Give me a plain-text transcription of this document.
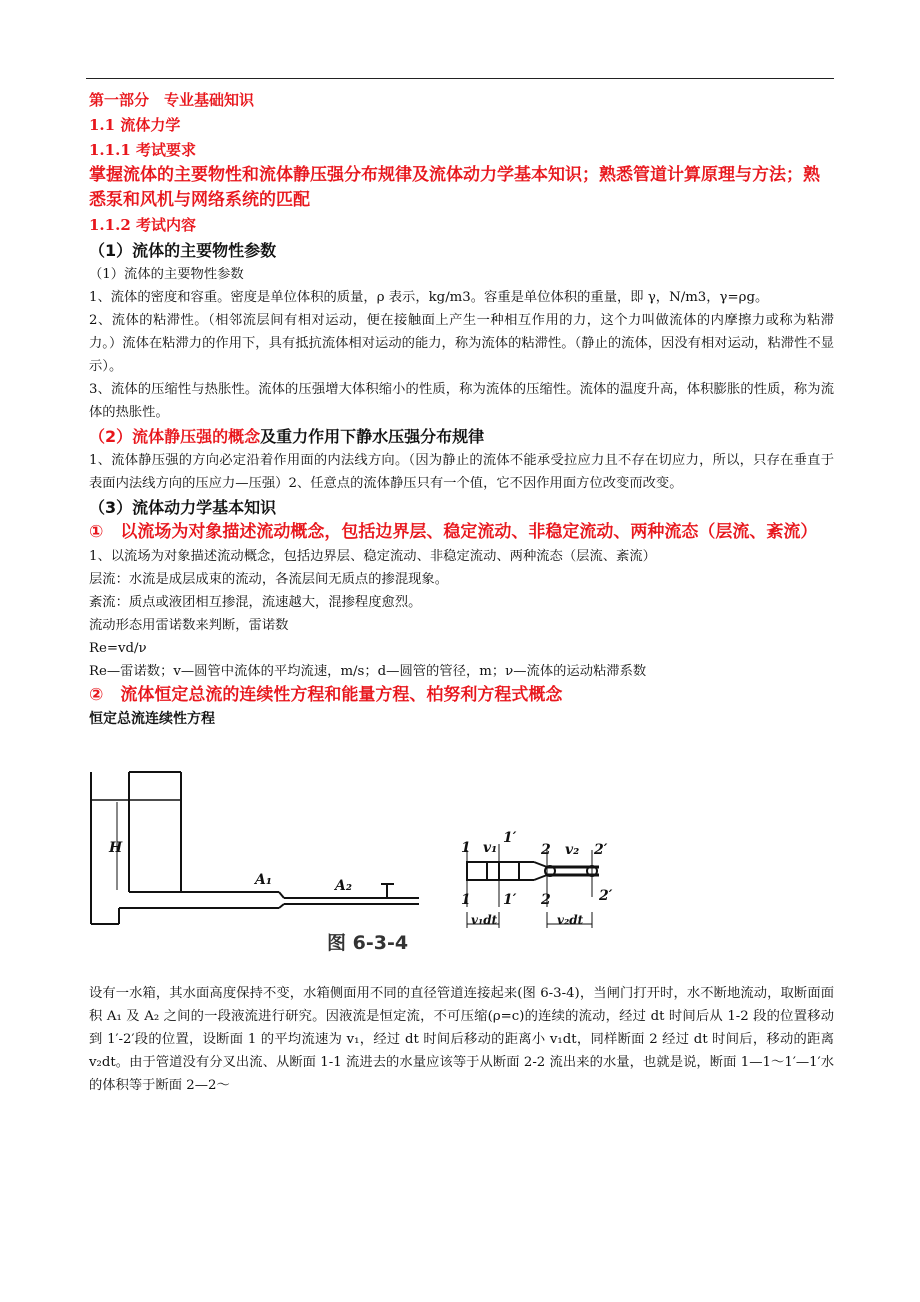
第一部分　专业基础知识
1.1 流体力学
1.1.1 考试要求
掌握流体的主要物性和流体静压强分布规律及流体动力学基本知识；熟悉管道计算原理与方法；熟悉泵和风机与网络系统的匹配
1.1.2 考试内容
（1）流体的主要物性参数

（1）流体的主要物性参数

1、流体的密度和容重。密度是单位体积的质量，ρ 表示，kg/m3。容重是单位体积的重量，即 γ，N/m3，γ=ρg。

2、流体的粘滞性。（相邻流层间有相对运动，便在接触面上产生一种相互作用的力，这个力叫做流体的内摩擦力或称为粘滞力。）流体在粘滞力的作用下，具有抵抗流体相对运动的能力，称为流体的粘滞性。（静止的流体，因没有相对运动，粘滞性不显示）。

3、流体的压缩性与热胀性。流体的压强增大体积缩小的性质，称为流体的压缩性。流体的温度升高，体积膨胀的性质，称为流体的热胀性。

（2）流体静压强的概念及重力作用下静水压强分布规律

1、流体静压强的方向必定沿着作用面的内法线方向。（因为静止的流体不能承受拉应力且不存在切应力，所以，只存在垂直于表面内法线方向的压应力—压强）2、任意点的流体静压只有一个值，它不因作用面方位改变而改变。

（3）流体动力学基本知识
①　以流场为对象描述流动概念，包括边界层、稳定流动、非稳定流动、两种流态（层流、紊流）

1、以流场为对象描述流动概念，包括边界层、稳定流动、非稳定流动、两种流态（层流、紊流）

层流：水流是成层成束的流动，各流层间无质点的掺混现象。

紊流：质点或液团相互掺混，流速越大，混掺程度愈烈。

流动形态用雷诺数来判断，雷诺数

Re=vd/ν

Re—雷诺数；v—圆管中流体的平均流速，m/s；d—圆管的管径，m；ν—流体的运动粘滞系数

②　流体恒定总流的连续性方程和能量方程、柏努利方程式概念
恒定总流连续性方程
H
A₁	A₂
1 v₁
1′
2 v₂ 2′
1 1′ 2	2′
v₁dt	v₂dt
图 6-3-4

设有一水箱，其水面高度保持不变，水箱侧面用不同的直径管道连接起来(图 6-3-4)，当闸门打开时，水不断地流动，取断面面积 A₁ 及 A₂ 之间的一段液流进行研究。因液流是恒定流，不可压缩(ρ=c)的连续的流动，经过 dt 时间后从 1-2 段的位置移动到 1′-2′段的位置，设断面 1 的平均流速为 v₁，经过 dt 时间后移动的距离小 v₁dt，同样断面 2 经过 dt 时间后，移动的距离 v₂dt。由于管道没有分叉出流、从断面 1-1 流进去的水量应该等于从断面 2-2 流出来的水量，也就是说，断面 1—1～1′—1′水的体积等于断面 2—2～
